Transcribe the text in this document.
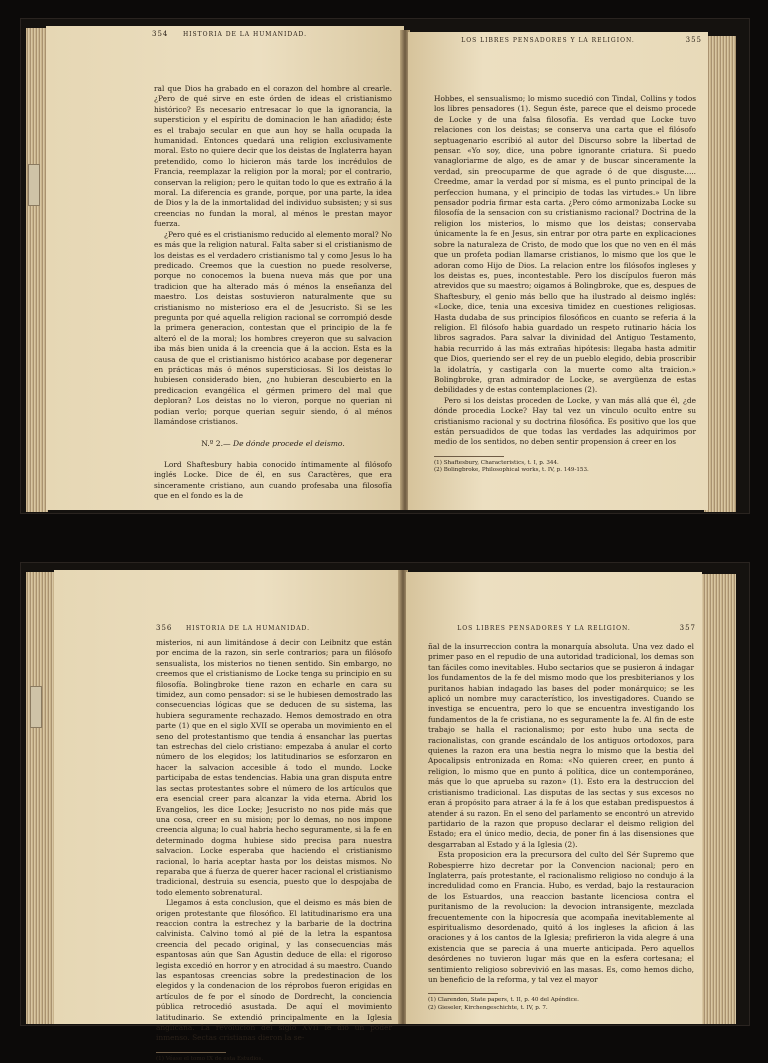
354	HISTORIA DE LA HUMANIDAD.

ral que Dios ha grabado en el corazon del hombre al crearle. ¿Pero de qué sirve en este órden de ideas el cristianismo histórico? Es necesario entresacar lo que la ignorancia, la supersticion y el espíritu de dominacion le han añadido; éste es el trabajo secular en que aun hoy se halla ocupada la humanidad. Entonces quedará una religion exclusivamente moral. Esto no quiere decir que los deistas de Inglaterra hayan pretendido, como lo hicieron más tarde los incrédulos de Francia, reemplazar la religion por la moral; por el contrario, conservan la religion; pero le quitan todo lo que es extraño á la moral. La diferencia es grande, porque, por una parte, la idea de Dios y la de la inmortalidad del individuo subsisten; y si sus creencias no fundan la moral, al ménos le prestan mayor fuerza.

¿Pero qué es el cristianismo reducido al elemento moral? No es más que la religion natural. Falta saber si el cristianismo de los deistas es el verdadero cristianismo tal y como Jesus lo ha predicado. Creemos que la cuestion no puede resolverse, porque no conocemos la buena nueva más que por una tradicion que ha alterado más ó ménos la enseñanza del maestro. Los deistas sostuvieron naturalmente que su cristianismo no misterioso era el de Jesucristo. Si se les pregunta por qué aquella religion racional se corrompió desde la primera generacion, contestan que el principio de la fe alteró el de la moral; los hombres creyeron que su salvacion iba más bien unida á la creencia que á la accion. Esta es la causa de que el cristianismo histórico acabase por degenerar en prácticas más ó ménos supersticiosas. Si los deistas lo hubiesen considerado bien, ¿no hubieran descubierto en la predicacion evangélica el gérmen primero del mal que deploran? Los deistas no lo vieron, porque no querian ni podian verlo; porque querian seguir siendo, ó al ménos llamándose cristianos.

N.º 2.— De dónde procede el deismo.

Lord Shaftesbury habia conocido íntimamente al filósofo inglés Locke. Dice de él, en sus Caractères, que era sinceramente cristiano, aun cuando profesaba una filosofía que en el fondo es la de

LOS LIBRES PENSADORES Y LA RELIGION.	355

Hobbes, el sensualismo; lo mismo sucedió con Tindal, Collins y todos los libres pensadores (1). Segun éste, parece que el deismo procede de Locke y de una falsa filosofía. Es verdad que Locke tuvo relaciones con los deistas; se conserva una carta que el filósofo septuagenario escribió al autor del Discurso sobre la libertad de pensar. «Yo soy, dice, una pobre ignorante criatura. Si puedo vanagloriarme de algo, es de amar y de buscar sinceramente la verdad, sin preocuparme de que agrade ó de que disguste..... Creedme, amar la verdad por sí misma, es el punto principal de la perfeccion humana, y el principio de todas las virtudes.» Un libre pensador podria firmar esta carta. ¿Pero cómo armonizaba Locke su filosofía de la sensacion con su cristianismo racional? Doctrina de la religion los misterios, lo mismo que los deistas; conservaba únicamente la fe en Jesus, sin entrar por otra parte en explicaciones sobre la naturaleza de Cristo, de modo que los que no ven en él más que un profeta podian llamarse cristianos, lo mismo que los que le adoran como Hijo de Dios. La relacion entre los filósofos ingleses y los deistas es, pues, incontestable. Pero los discípulos fueron más atrevidos que su maestro; oigamos á Bolingbroke, que es, despues de Shaftesbury, el genio más bello que ha ilustrado al deismo inglés: «Locke, dice, tenia una excesiva timidez en cuestiones religiosas. Hasta dudaba de sus principios filosóficos en cuanto se referia á la religion. El filósofo habia guardado un respeto rutinario hácia los libros sagrados. Para salvar la divinidad del Antiguo Testamento, habia recurrido á las más extrañas hipótesis: llegaba hasta admitir que Dios, queriendo ser el rey de un pueblo elegido, debia proscribir la idolatría, y castigarla con la muerte como alta traicion.» Bolingbroke, gran admirador de Locke, se avergüenza de estas debilidades y de estas contemplaciones (2).

Pero si los deistas proceden de Locke, y van más allá que él, ¿de dónde procedia Locke? Hay tal vez un vínculo oculto entre su cristianismo racional y su doctrina filosófica. Es positivo que los que están persuadidos de que todas las verdades las adquirimos por medio de los sentidos, no deben sentir propension á creer en los

(1) Shaftesbury, Characteristics, t. I, p. 344.
(2) Bolingbroke, Philosophical works, t. IV, p. 149-153.
356	HISTORIA DE LA HUMANIDAD.

misterios, ni aun limitándose á decir con Leibnitz que están por encima de la razon, sin serle contrarios; para un filósofo sensualista, los misterios no tienen sentido. Sin embargo, no creemos que el cristianismo de Locke tenga su principio en su filosofía. Bolingbroke tiene razon en echarle en cara su timidez, aun como pensador: si se le hubiesen demostrado las consecuencias lógicas que se deducen de su sistema, las hubiera seguramente rechazado. Hemos demostrado en otra parte (1) que en el siglo XVII se operaba un movimiento en el seno del protestantismo que tendia á ensanchar las puertas tan estrechas del cielo cristiano: empezaba á anular el corto número de los elegidos; los latitudinarios se esforzaron en hacer la salvacion accesible á todo el mundo. Locke participaba de estas tendencias. Habia una gran disputa entre las sectas protestantes sobre el número de los artículos que era esencial creer para alcanzar la vida eterna. Abrid los Evangelios, les dice Locke; Jesucristo no nos pide más que una cosa, creer en su mision; por lo demas, no nos impone creencia alguna; lo cual habria hecho seguramente, si la fe en determinado dogma hubiese sido precisa para nuestra salvacion. Locke esperaba que haciendo el cristianismo racional, lo haria aceptar hasta por los deistas mismos. No reparaba que á fuerza de querer hacer racional el cristianismo tradicional, destruia su esencia, puesto que lo despojaba de todo elemento sobrenatural.

Llegamos á esta conclusion, que el deismo es más bien de origen protestante que filosófico. El latitudinarismo era una reaccion contra la estrechez y la barbarie de la doctrina calvinista. Calvino tomó al pié de la letra la espantosa creencia del pecado original, y las consecuencias más espantosas aún que San Agustin deduce de ella: el rigoroso legista excedió en horror y en atrocidad á su maestro. Cuando las espantosas creencias sobre la predestinacion de los elegidos y la condenacion de los réprobos fueron erigidas en artículos de fe por el sínodo de Dordrecht, la conciencia pública retrocedió asustada. De aquí el movimiento latitudinario. Se extendió principalmente en la Iglesia anglicana. La revolucion del siglo XVII le dió un poder inmenso. Sectas cristianas dieron la se-

(1) Véase el tomo IX de esta Estudios.
LOS LIBRES PENSADORES Y LA RELIGION.	357

ñal de la insurreccion contra la monarquía absoluta. Una vez dado el primer paso en el repudio de una autoridad tradicional, los demas son tan fáciles como inevitables. Hubo sectarios que se pusieron á indagar los fundamentos de la fe del mismo modo que los presbiterianos y los puritanos habian indagado las bases del poder monárquico; se les aplicó un nombre muy característico, los investigadores. Cuando se investiga se encuentra, pero lo que se encuentra investigando los fundamentos de la fe cristiana, no es seguramente la fe. Al fin de este trabajo se halla el racionalismo; por esto hubo una secta de racionalistas, con grande escándalo de los antiguos ortodoxos, para quienes la razon era una bestia negra lo mismo que la bestia del Apocalipsis entronizada en Roma: «No quieren creer, en punto á religion, lo mismo que en punto á política, dice un contemporáneo, más que lo que aprueba su razon» (1). Esto era la destruccion del cristianismo tradicional. Las disputas de las sectas y sus excesos no eran á propósito para atraer á la fe á los que estaban predispuestos á atender á su razon. En el seno del parlamento se encontró un atrevido partidario de la razon que propuso declarar el deismo religion del Estado; era el único medio, decia, de poner fin á las disensiones que desgarraban al Estado y á la Iglesia (2).

Esta proposicion era la precursora del culto del Sér Supremo que Robespierre hizo decretar por la Convencion nacional; pero en Inglaterra, país protestante, el racionalismo religioso no condujo á la incredulidad como en Francia. Hubo, es verdad, bajo la restauracion de los Estuardos, una reaccion bastante licenciosa contra el puritanismo de la revolucion: la devocion intransigente, mezclada frecuentemente con la hipocresía que acompaña inevitablemente al espiritualismo desordenado, quitó á los ingleses la aficion á las oraciones y á los cantos de la Iglesia; prefirieron la vida alegre á una existencia que se parecia á una muerte anticipada. Pero aquellos desórdenes no tuvieron lugar más que en la esfera cortesana; el sentimiento religioso sobrevivió en las masas. Es, como hemos dicho, un beneficio de la reforma, y tal vez el mayor

(1) Clarendon, State papers, t. II, p. 40 del Apéndice.
(2) Gieseler, Kirchengeschichte, t. IV, p. 7.
